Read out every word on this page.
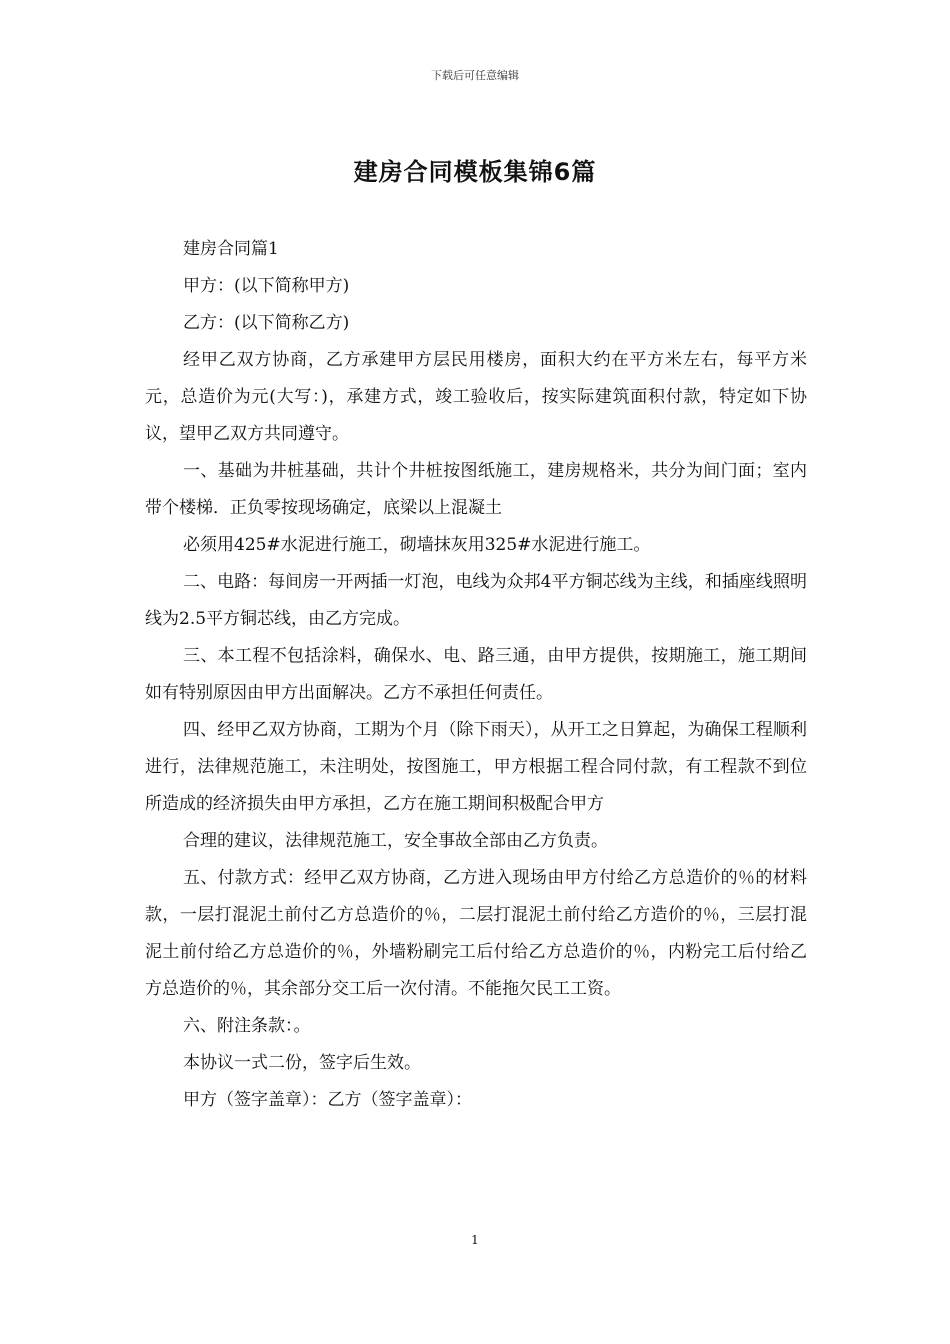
下载后可任意编辑
建房合同模板集锦6篇

建房合同篇1

甲方：(以下简称甲方)

乙方：(以下简称乙方)

经甲乙双方协商，乙方承建甲方层民用楼房，面积大约在平方米左右，每平方米元，总造价为元(大写：)，承建方式，竣工验收后，按实际建筑面积付款，特定如下协议，望甲乙双方共同遵守。

一、基础为井桩基础，共计个井桩按图纸施工，建房规格米，共分为间门面；室内带个楼梯．正负零按现场确定，底梁以上混凝土

必须用425#水泥进行施工，砌墙抹灰用325#水泥进行施工。

二、电路：每间房一开两插一灯泡，电线为众邦4平方铜芯线为主线，和插座线照明线为2.5平方铜芯线，由乙方完成。

三、本工程不包括涂料，确保水、电、路三通，由甲方提供，按期施工，施工期间如有特别原因由甲方出面解决。乙方不承担任何责任。

四、经甲乙双方协商，工期为个月（除下雨天），从开工之日算起，为确保工程顺利进行，法律规范施工，未注明处，按图施工，甲方根据工程合同付款，有工程款不到位所造成的经济损失由甲方承担，乙方在施工期间积极配合甲方

合理的建议，法律规范施工，安全事故全部由乙方负责。

五、付款方式：经甲乙双方协商，乙方进入现场由甲方付给乙方总造价的％的材料款，一层打混泥土前付乙方总造价的％，二层打混泥土前付给乙方造价的％，三层打混泥土前付给乙方总造价的％，外墙粉刷完工后付给乙方总造价的％，内粉完工后付给乙方总造价的％，其余部分交工后一次付清。不能拖欠民工工资。

六、附注条款：。

本协议一式二份，签字后生效。

甲方（签字盖章）：乙方（签字盖章）：

1
